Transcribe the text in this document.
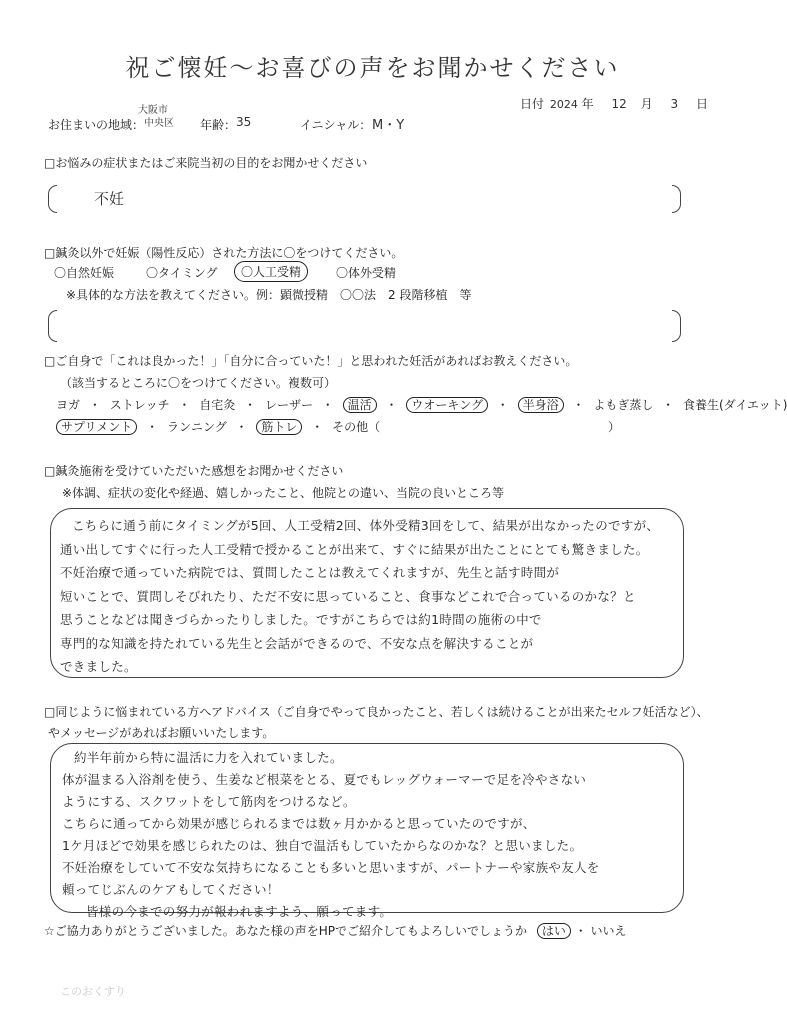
祝ご懐妊～お喜びの声をお聞かせください
日付 2024 年 12 月 3 日
お住まいの地域：
大阪市
中央区 年齢： 35	イニシャル： M・Y
□お悩みの症状またはご来院当初の目的をお聞かせください
不妊
□鍼灸以外で妊娠（陽性反応）された方法に〇をつけてください。
〇自然妊娠	〇タイミング	〇人工受精	〇体外受精
※具体的な方法を教えてください。例：顕微授精　〇〇法　2 段階移植　等
□ご自身で「これは良かった！」「自分に合っていた！」と思われた妊活があればお教えください。
（該当するところに〇をつけてください。複数可）
ヨガ ・ ストレッチ ・ 自宅灸 ・ レーザー ・ 温活 ・ ウオーキング ・ 半身浴 ・ よもぎ蒸し ・ 食養生(ダイエット)
サプリメント ・ ランニング ・ 筋トレ ・ その他（	）
□鍼灸施術を受けていただいた感想をお聞かせください
※体調、症状の変化や経過、嬉しかったこと、他院との違い、当院の良いところ等
こちらに通う前にタイミングが5回、人工受精2回、体外受精3回をして、結果が出なかったのですが、
通い出してすぐに行った人工受精で授かることが出来て、すぐに結果が出たことにとても驚きました。
不妊治療で通っていた病院では、質問したことは教えてくれますが、先生と話す時間が
短いことで、質問しそびれたり、ただ不安に思っていること、食事などこれで合っているのかな？と
思うことなどは聞きづらかったりしました。ですがこちらでは約1時間の施術の中で
専門的な知識を持たれている先生と会話ができるので、不安な点を解決することが
できました。
□同じように悩まれている方へアドバイス（ご自身でやって良かったこと、若しくは続けることが出来たセルフ妊活など）、
やメッセージがあればお願いいたします。
約半年前から特に温活に力を入れていました。
体が温まる入浴剤を使う、生姜など根菜をとる、夏でもレッグウォーマーで足を冷やさない
ようにする、スクワットをして筋肉をつけるなど。
こちらに通ってから効果が感じられるまでは数ヶ月かかると思っていたのですが、
1ケ月ほどで効果を感じられたのは、独自で温活もしていたからなのかな？と思いました。
不妊治療をしていて不安な気持ちになることも多いと思いますが、パートナーや家族や友人を
頼ってじぶんのケアもしてください！
皆様の今までの努力が報われますよう、願ってます。
☆ご協力ありがとうございました。あなた様の声をHPでご紹介してもよろしいでしょうか はい ・ いいえ
このおくすり
